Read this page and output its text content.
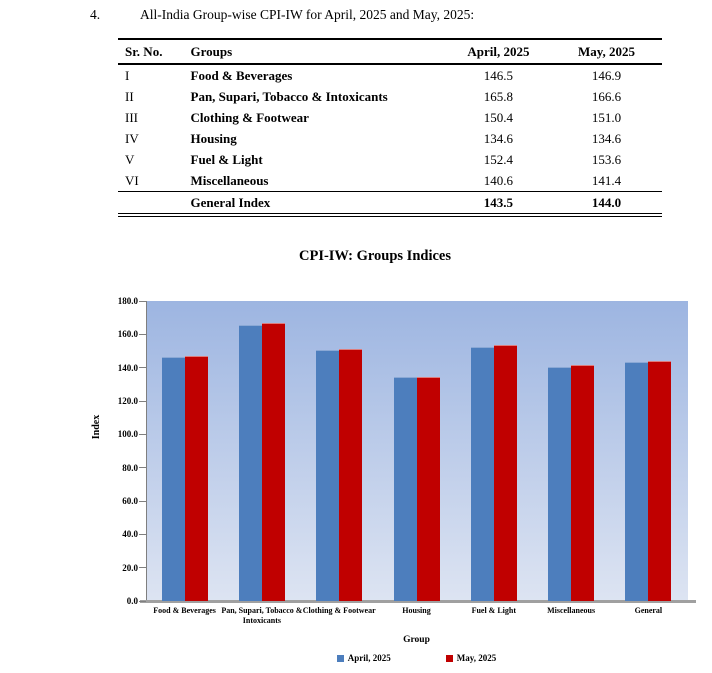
4.	All-India Group-wise CPI-IW for April, 2025 and May, 2025:
Sr. No.	Groups	April, 2025	May, 2025
I	Food & Beverages	146.5	146.9
II	Pan, Supari, Tobacco & Intoxicants	165.8	166.6
III	Clothing & Footwear	150.4	151.0
IV	Housing	134.6	134.6
V	Fuel & Light	152.4	153.6
VI	Miscellaneous	140.6	141.4
	General Index	143.5	144.0
CPI-IW: Groups Indices
Index
Group
April, 2025	May, 2025
0.0
20.0
40.0
60.0
80.0
100.0
120.0
140.0
160.0
180.0
Food & Beverages Pan, Supari, Tobacco & Intoxicants
Clothing & Footwear	Housing	Fuel & Light	Miscellaneous	General
